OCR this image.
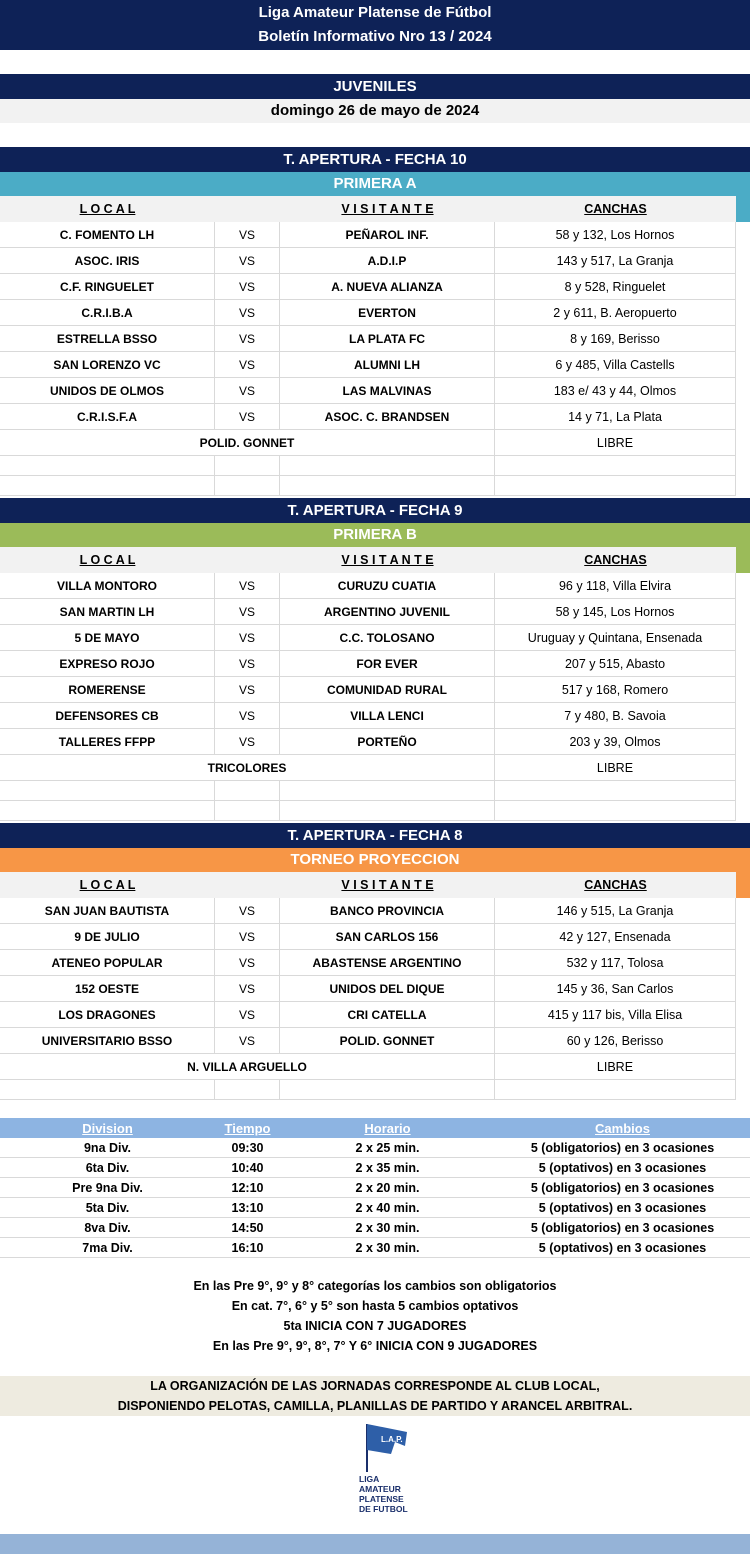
Liga Amateur Platense de Fútbol
Boletín Informativo Nro 13 / 2024
JUVENILES
domingo 26 de mayo de 2024
T. APERTURA - FECHA 10
PRIMERA A
L O C A L	V I S I T A N T E	CANCHAS
C. FOMENTO LH	VS	PEÑAROL INF.	58 y 132, Los Hornos
ASOC. IRIS	VS	A.D.I.P	143 y 517, La Granja
C.F. RINGUELET	VS	A. NUEVA ALIANZA	8 y 528, Ringuelet
C.R.I.B.A	VS	EVERTON	2 y 611, B. Aeropuerto
ESTRELLA BSSO	VS	LA PLATA FC	8 y 169, Berisso
SAN LORENZO VC	VS	ALUMNI LH	6 y 485, Villa Castells
UNIDOS DE OLMOS	VS	LAS MALVINAS	183 e/ 43 y 44, Olmos
C.R.I.S.F.A	VS	ASOC. C. BRANDSEN	14 y 71, La Plata
POLID. GONNET	LIBRE
T. APERTURA - FECHA 9
PRIMERA B
L O C A L	V I S I T A N T E	CANCHAS
VILLA MONTORO	VS	CURUZU CUATIA	96 y 118, Villa Elvira
SAN MARTIN LH	VS	ARGENTINO JUVENIL	58 y 145, Los Hornos
5 DE MAYO	VS	C.C. TOLOSANO	Uruguay y Quintana, Ensenada
EXPRESO ROJO	VS	FOR EVER	207 y 515, Abasto
ROMERENSE	VS	COMUNIDAD RURAL	517 y 168, Romero
DEFENSORES CB	VS	VILLA LENCI	7 y 480, B. Savoia
TALLERES FFPP	VS	PORTEÑO	203 y 39, Olmos
TRICOLORES	LIBRE
T. APERTURA - FECHA 8
TORNEO PROYECCION
L O C A L	V I S I T A N T E	CANCHAS
SAN JUAN BAUTISTA	VS	BANCO PROVINCIA	146 y 515, La Granja
9 DE JULIO	VS	SAN CARLOS 156	42 y 127, Ensenada
ATENEO POPULAR	VS	ABASTENSE ARGENTINO	532 y 117, Tolosa
152 OESTE	VS	UNIDOS DEL DIQUE	145 y 36, San Carlos
LOS DRAGONES	VS	CRI CATELLA	415 y 117 bis, Villa Elisa
UNIVERSITARIO BSSO	VS	POLID. GONNET	60 y 126, Berisso
N. VILLA ARGUELLO	LIBRE
Division	Tiempo	Horario	Cambios
9na Div.	09:30	2 x 25 min.	5 (obligatorios) en 3 ocasiones
6ta Div.	10:40	2 x 35 min.	5 (optativos) en 3 ocasiones
Pre 9na Div.	12:10	2 x 20 min.	5 (obligatorios) en 3 ocasiones
5ta Div.	13:10	2 x 40 min.	5 (optativos) en 3 ocasiones
8va Div.	14:50	2 x 30 min.	5 (obligatorios) en 3 ocasiones
7ma Div.	16:10	2 x 30 min.	5 (optativos) en 3 ocasiones
En las Pre 9°, 9° y 8° categorías los cambios son obligatorios
En cat. 7°, 6° y 5° son hasta 5 cambios optativos
5ta INICIA CON 7 JUGADORES
En las Pre 9°, 9°, 8°, 7° Y 6° INICIA CON 9 JUGADORES
LA ORGANIZACIÓN DE LAS JORNADAS CORRESPONDE AL CLUB LOCAL,
DISPONIENDO PELOTAS, CAMILLA, PLANILLAS DE PARTIDO Y ARANCEL ARBITRAL.
L.A.P.
LIGA
AMATEUR
PLATENSE
DE FUTBOL
